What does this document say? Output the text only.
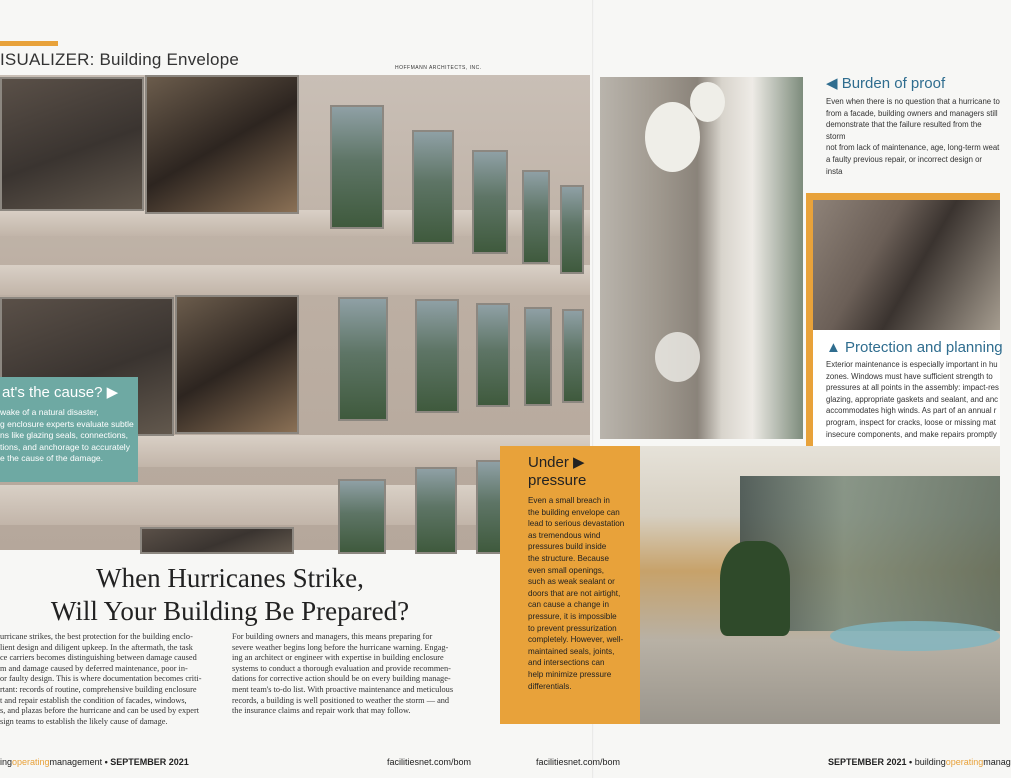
ISUALIZER: Building Envelope	HOFFMANN ARCHITECTS, INC.
at's the cause? ▶
wake of a natural disaster,
g enclosure experts evaluate subtle
ns like glazing seals, connections,
tions, and anchorage to accurately
e the cause of the damage.
When Hurricanes Strike,
Will Your Building Be Prepared?
urricane strikes, the best protection for the building enclo-
lient design and diligent upkeep. In the aftermath, the task
ce carriers becomes distinguishing between damage caused
m and damage caused by deferred maintenance, poor in-
or faulty design. This is where documentation becomes criti-
rtant: records of routine, comprehensive building enclosure
t and repair establish the condition of facades, windows,
s, and plazas before the hurricane and can be used by expert
sign teams to establish the likely cause of damage.
For building owners and managers, this means preparing for
severe weather begins long before the hurricane warning. Engag-
ing an architect or engineer with expertise in building enclosure
systems to conduct a thorough evaluation and provide recommen-
dations for corrective action should be on every building manage-
ment team's to-do list. With proactive maintenance and meticulous
records, a building is well positioned to weather the storm — and
the insurance claims and repair work that may follow.
ingoperatingmanagement • SEPTEMBER 2021	facilitiesnet.com/bom
◀ Burden of proof
Even when there is no question that a hurricane to
from a facade, building owners and managers still
demonstrate that the failure resulted from the storm
not from lack of maintenance, age, long-term weat
a faulty previous repair, or incorrect design or insta
▲ Protection and planning
Exterior maintenance is especially important in hu
zones. Windows must have sufficient strength to
pressures at all points in the assembly: impact-res
glazing, appropriate gaskets and sealant, and anc
accommodates high winds. As part of an annual r
program, inspect for cracks, loose or missing mat
insecure components, and make repairs promptly
Under ▶
pressure
Even a small breach in
the building envelope can
lead to serious devastation
as tremendous wind
pressures build inside
the structure. Because
even small openings,
such as weak sealant or
doors that are not airtight,
can cause a change in
pressure, it is impossible
to prevent pressurization
completely. However, well-
maintained seals, joints,
and intersections can
help minimize pressure
differentials.
facilitiesnet.com/bom	SEPTEMBER 2021 • buildingoperatingmanag
